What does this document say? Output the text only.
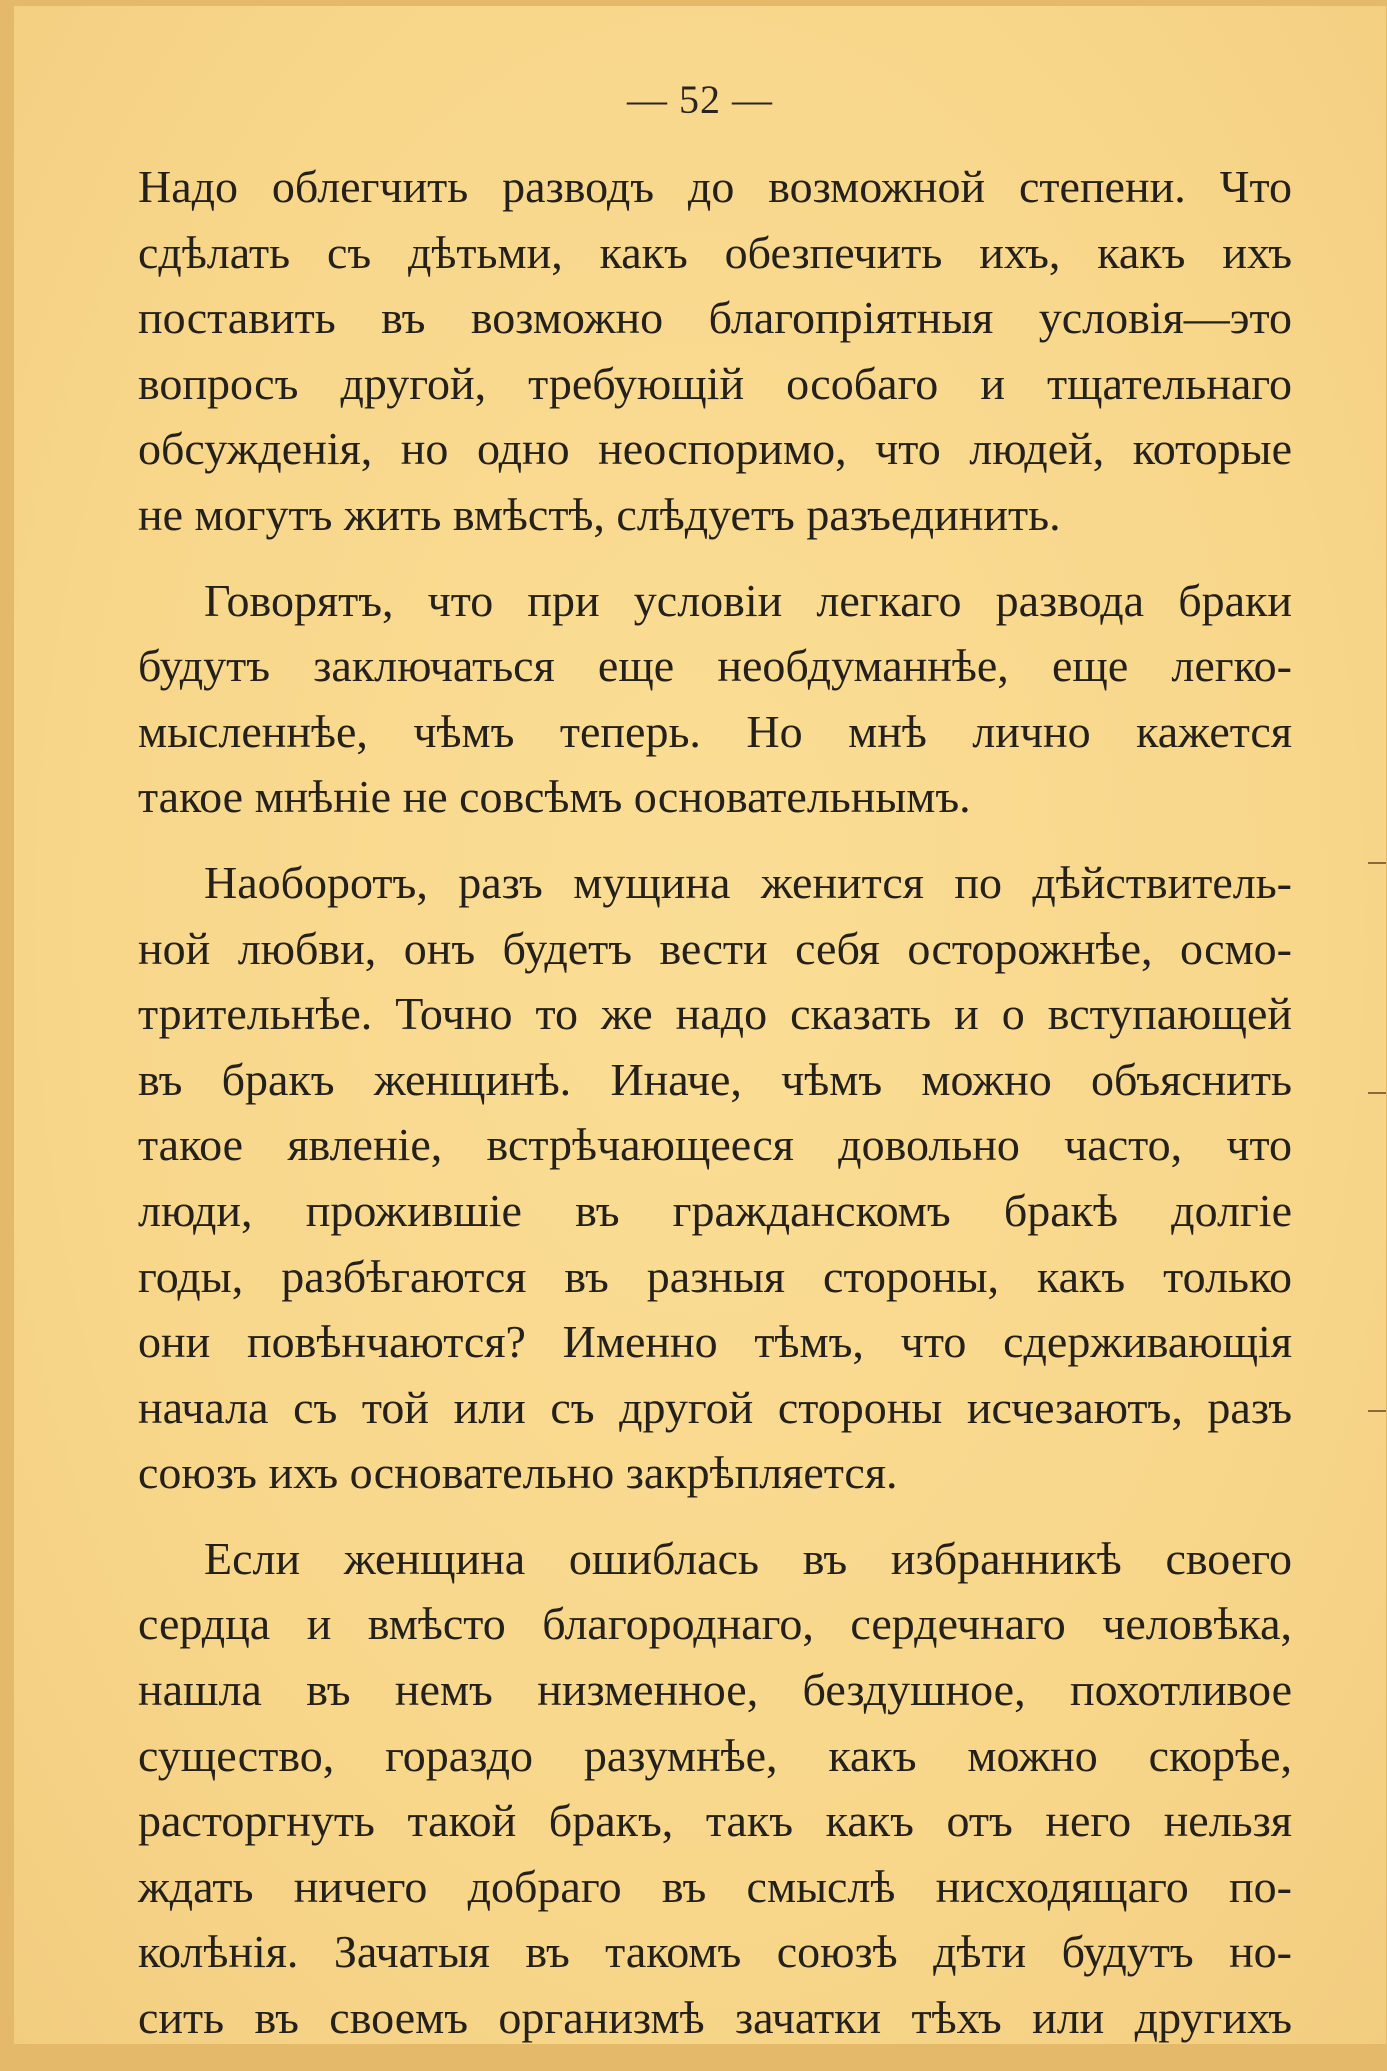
— 52 —
Надо облегчить разводъ до возможной степени. Что
сдѣлать съ дѣтьми, какъ обезпечить ихъ, какъ ихъ
поставить въ возможно благопріятныя условія—это
вопросъ другой, требующій особаго и тщательнаго
обсужденія, но одно неоспоримо, что людей, которые
не могутъ жить вмѣстѣ, слѣдуетъ разъединить.
Говорятъ, что при условіи легкаго развода браки
будутъ заключаться еще необдуманнѣе, еще легко-
мысленнѣе, чѣмъ теперь. Но мнѣ лично кажется
такое мнѣніе не совсѣмъ основательнымъ.
Наоборотъ, разъ мущина женится по дѣйствитель-
ной любви, онъ будетъ вести себя осторожнѣе, осмо-
трительнѣе. Точно то же надо сказать и о вступающей
въ бракъ женщинѣ. Иначе, чѣмъ можно объяснить
такое явленіе, встрѣчающееся довольно часто, что
люди, прожившіе въ гражданскомъ бракѣ долгіе
годы, разбѣгаются въ разныя стороны, какъ только
они повѣнчаются? Именно тѣмъ, что сдерживающія
начала съ той или съ другой стороны исчезаютъ, разъ
союзъ ихъ основательно закрѣпляется.
Если женщина ошиблась въ избранникѣ своего
сердца и вмѣсто благороднаго, сердечнаго человѣка,
нашла въ немъ низменное, бездушное, похотливое
существо, гораздо разумнѣе, какъ можно скорѣе,
расторгнуть такой бракъ, такъ какъ отъ него нельзя
ждать ничего добраго въ смыслѣ нисходящаго по-
колѣнія. Зачатыя въ такомъ союзѣ дѣти будутъ но-
сить въ своемъ организмѣ зачатки тѣхъ или другихъ
